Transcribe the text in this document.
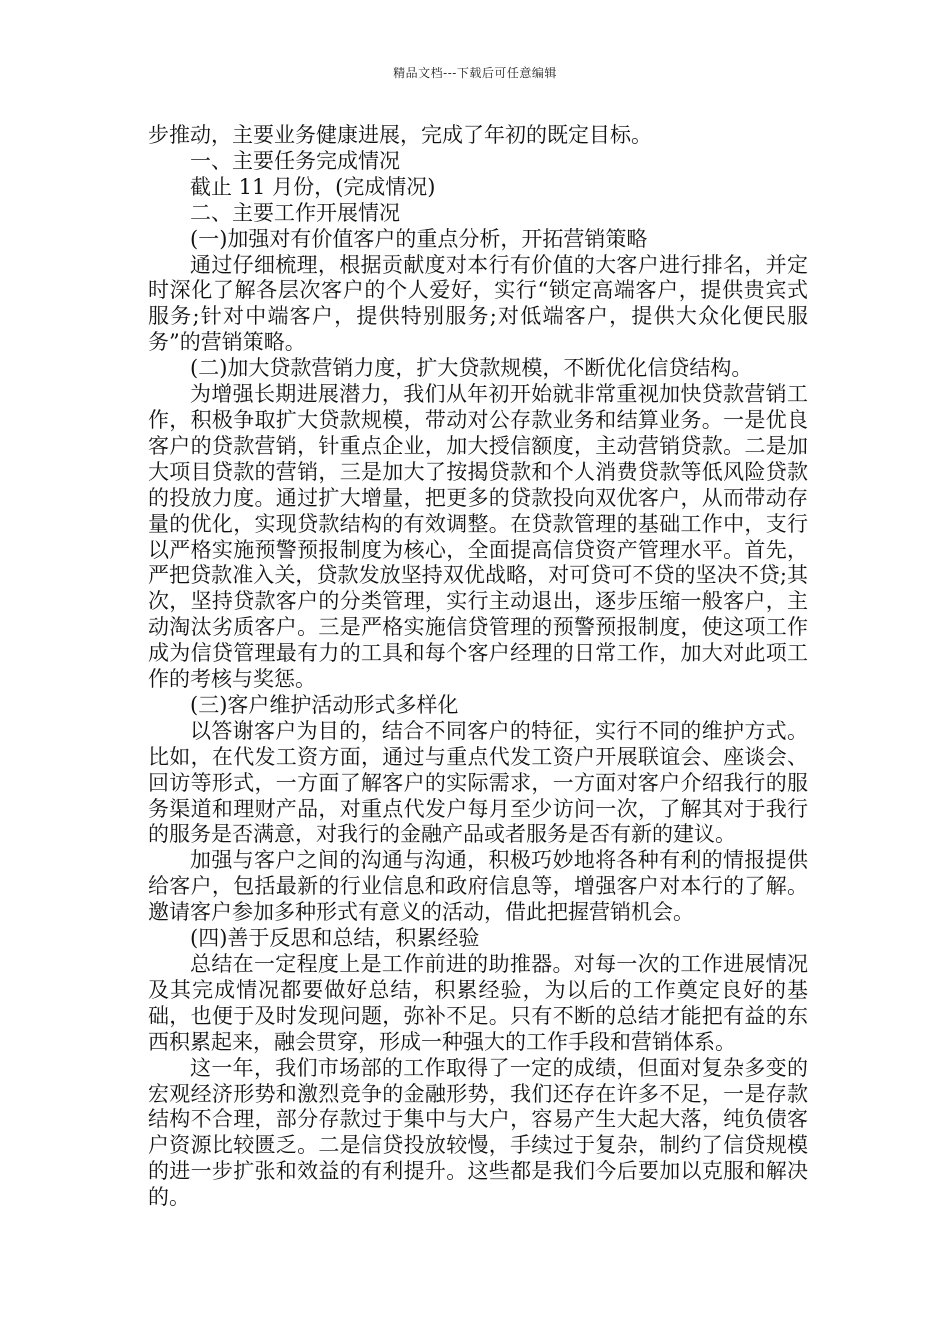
精品文档---下载后可任意编辑

步推动，主要业务健康进展，完成了年初的既定目标。

一、主要任务完成情况

截止 11 月份，(完成情况)

二、主要工作开展情况

(一)加强对有价值客户的重点分析，开拓营销策略

通过仔细梳理，根据贡献度对本行有价值的大客户进行排名，并定时深化了解各层次客户的个人爱好，实行“锁定高端客户，提供贵宾式服务;针对中端客户，提供特别服务;对低端客户，提供大众化便民服务”的营销策略。

(二)加大贷款营销力度，扩大贷款规模，不断优化信贷结构。

为增强长期进展潜力，我们从年初开始就非常重视加快贷款营销工作，积极争取扩大贷款规模，带动对公存款业务和结算业务。一是优良客户的贷款营销，针重点企业，加大授信额度，主动营销贷款。二是加大项目贷款的营销，三是加大了按揭贷款和个人消费贷款等低风险贷款的投放力度。通过扩大增量，把更多的贷款投向双优客户，从而带动存量的优化，实现贷款结构的有效调整。在贷款管理的基础工作中，支行以严格实施预警预报制度为核心，全面提高信贷资产管理水平。首先，严把贷款准入关，贷款发放坚持双优战略，对可贷可不贷的坚决不贷;其次，坚持贷款客户的分类管理，实行主动退出，逐步压缩一般客户，主动淘汰劣质客户。三是严格实施信贷管理的预警预报制度，使这项工作成为信贷管理最有力的工具和每个客户经理的日常工作，加大对此项工作的考核与奖惩。

(三)客户维护活动形式多样化

以答谢客户为目的，结合不同客户的特征，实行不同的维护方式。比如，在代发工资方面，通过与重点代发工资户开展联谊会、座谈会、回访等形式，一方面了解客户的实际需求，一方面对客户介绍我行的服务渠道和理财产品，对重点代发户每月至少访问一次，了解其对于我行的服务是否满意，对我行的金融产品或者服务是否有新的建议。

加强与客户之间的沟通与沟通，积极巧妙地将各种有利的情报提供给客户，包括最新的行业信息和政府信息等，增强客户对本行的了解。邀请客户参加多种形式有意义的活动，借此把握营销机会。

(四)善于反思和总结，积累经验

总结在一定程度上是工作前进的助推器。对每一次的工作进展情况及其完成情况都要做好总结，积累经验，为以后的工作奠定良好的基础，也便于及时发现问题，弥补不足。只有不断的总结才能把有益的东西积累起来，融会贯穿，形成一种强大的工作手段和营销体系。

这一年，我们市场部的工作取得了一定的成绩，但面对复杂多变的宏观经济形势和激烈竞争的金融形势，我们还存在许多不足，一是存款结构不合理，部分存款过于集中与大户，容易产生大起大落，纯负债客户资源比较匮乏。二是信贷投放较慢，手续过于复杂，制约了信贷规模的进一步扩张和效益的有利提升。这些都是我们今后要加以克服和解决的。
